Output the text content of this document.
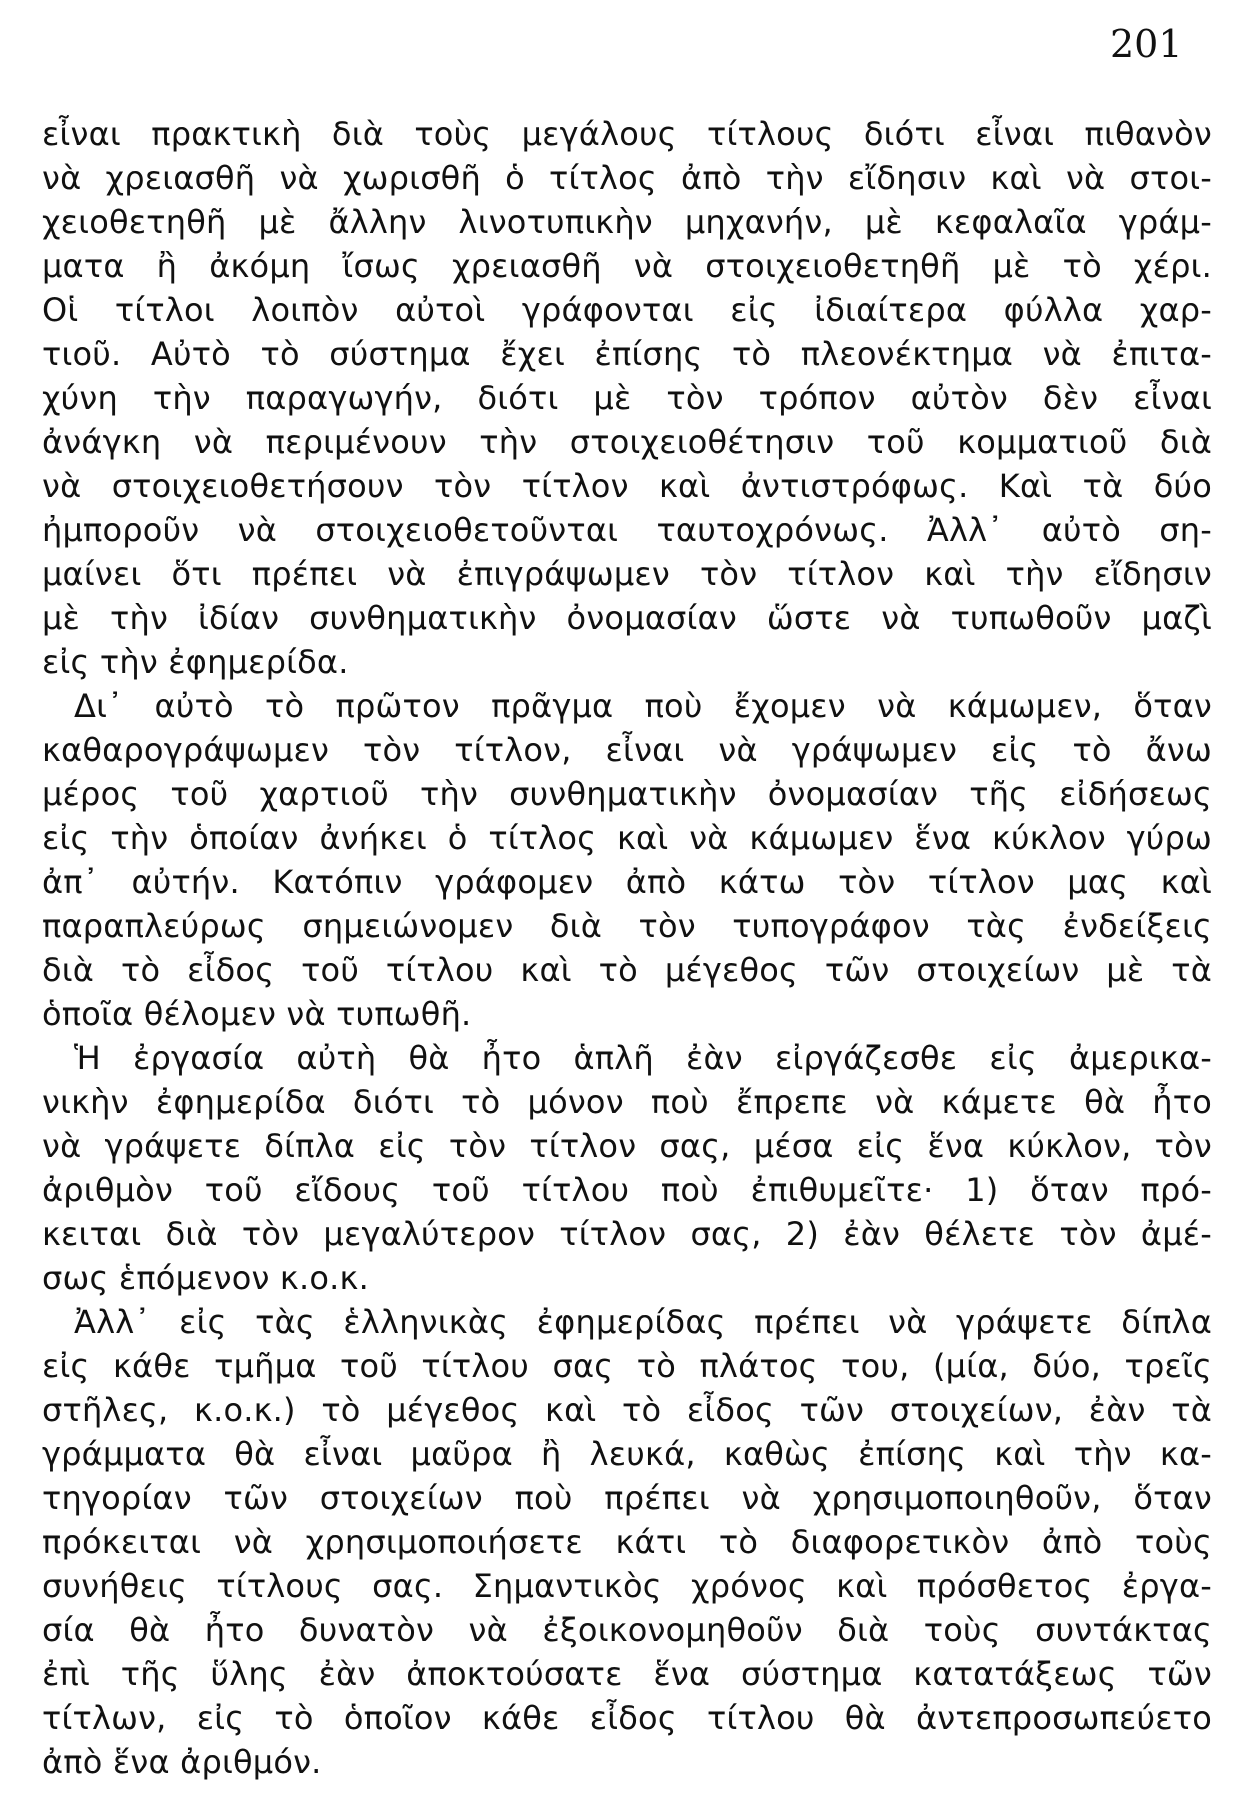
201
εἶναι πρακτικὴ διὰ τοὺς μεγάλους τίτλους διότι εἶναι πιθανὸν
νὰ χρειασθῆ νὰ χωρισθῆ ὁ τίτλος ἀπὸ τὴν εἴδησιν καὶ νὰ στοι-
χειοθετηθῆ μὲ ἄλλην λινοτυπικὴν μηχανήν, μὲ κεφαλαῖα γράμ-
ματα ἢ ἀκόμη ἴσως χρειασθῆ νὰ στοιχειοθετηθῆ μὲ τὸ χέρι.
Οἱ τίτλοι λοιπὸν αὐτοὶ γράφονται εἰς ἰδιαίτερα φύλλα χαρ-
τιοῦ. Αὐτὸ τὸ σύστημα ἔχει ἐπίσης τὸ πλεονέκτημα νὰ ἐπιτα-
χύνη τὴν παραγωγήν, διότι μὲ τὸν τρόπον αὐτὸν δὲν εἶναι
ἀνάγκη νὰ περιμένουν τὴν στοιχειοθέτησιν τοῦ κομματιοῦ διὰ
νὰ στοιχειοθετήσουν τὸν τίτλον καὶ ἀντιστρόφως. Καὶ τὰ δύο
ἠμποροῦν νὰ στοιχειοθετοῦνται ταυτοχρόνως. Ἀλλ᾽ αὐτὸ ση-
μαίνει ὅτι πρέπει νὰ ἐπιγράψωμεν τὸν τίτλον καὶ τὴν εἴδησιν
μὲ τὴν ἰδίαν συνθηματικὴν ὀνομασίαν ὥστε νὰ τυπωθοῦν μαζὶ
εἰς τὴν ἐφημερίδα.
Δι᾽ αὐτὸ τὸ πρῶτον πρᾶγμα ποὺ ἔχομεν νὰ κάμωμεν, ὅταν
καθαρογράψωμεν τὸν τίτλον, εἶναι νὰ γράψωμεν εἰς τὸ ἄνω
μέρος τοῦ χαρτιοῦ τὴν συνθηματικὴν ὀνομασίαν τῆς εἰδήσεως
εἰς τὴν ὁποίαν ἀνήκει ὁ τίτλος καὶ νὰ κάμωμεν ἕνα κύκλον γύρω
ἀπ᾽ αὐτήν. Κατόπιν γράφομεν ἀπὸ κάτω τὸν τίτλον μας καὶ
παραπλεύρως σημειώνομεν διὰ τὸν τυπογράφον τὰς ἐνδείξεις
διὰ τὸ εἶδος τοῦ τίτλου καὶ τὸ μέγεθος τῶν στοιχείων μὲ τὰ
ὁποῖα θέλομεν νὰ τυπωθῆ.
Ἡ ἐργασία αὐτὴ θὰ ἦτο ἁπλῆ ἐὰν εἰργάζεσθε εἰς ἀμερικα-
νικὴν ἐφημερίδα διότι τὸ μόνον ποὺ ἔπρεπε νὰ κάμετε θὰ ἦτο
νὰ γράψετε δίπλα εἰς τὸν τίτλον σας, μέσα εἰς ἕνα κύκλον, τὸν
ἀριθμὸν τοῦ εἴδους τοῦ τίτλου ποὺ ἐπιθυμεῖτε· 1) ὅταν πρό-
κειται διὰ τὸν μεγαλύτερον τίτλον σας, 2) ἐὰν θέλετε τὸν ἀμέ-
σως ἑπόμενον κ.ο.κ.
Ἀλλ᾽ εἰς τὰς ἑλληνικὰς ἐφημερίδας πρέπει νὰ γράψετε δίπλα
εἰς κάθε τμῆμα τοῦ τίτλου σας τὸ πλάτος του, (μία, δύο, τρεῖς
στῆλες, κ.ο.κ.) τὸ μέγεθος καὶ τὸ εἶδος τῶν στοιχείων, ἐὰν τὰ
γράμματα θὰ εἶναι μαῦρα ἢ λευκά, καθὼς ἐπίσης καὶ τὴν κα-
τηγορίαν τῶν στοιχείων ποὺ πρέπει νὰ χρησιμοποιηθοῦν, ὅταν
πρόκειται νὰ χρησιμοποιήσετε κάτι τὸ διαφορετικὸν ἀπὸ τοὺς
συνήθεις τίτλους σας. Σημαντικὸς χρόνος καὶ πρόσθετος ἐργα-
σία θὰ ἦτο δυνατὸν νὰ ἐξοικονομηθοῦν διὰ τοὺς συντάκτας
ἐπὶ τῆς ὕλης ἐὰν ἀποκτούσατε ἕνα σύστημα κατατάξεως τῶν
τίτλων, εἰς τὸ ὁποῖον κάθε εἶδος τίτλου θὰ ἀντεπροσωπεύετο
ἀπὸ ἕνα ἀριθμόν.
